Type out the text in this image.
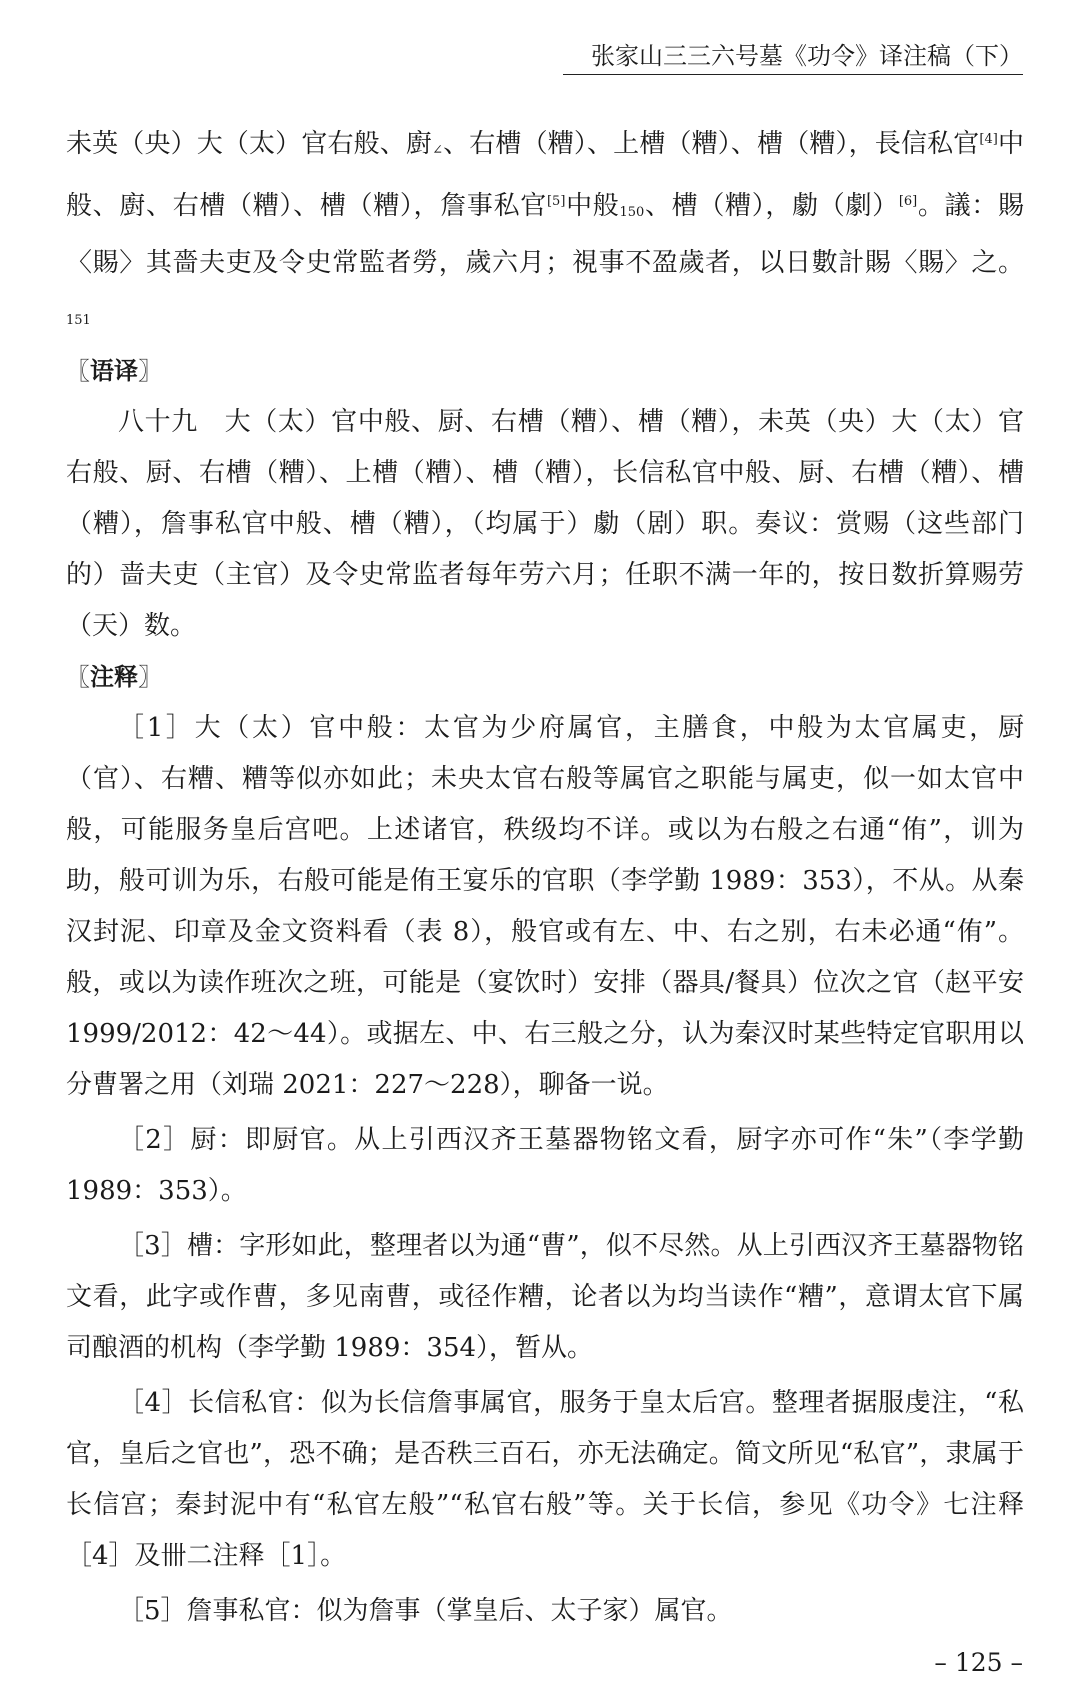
张家山三三六号墓《功令》译注稿（下）

未英（央）大（太）官右般、廚$_\angle$、右槽（糟）、上槽（糟）、槽（糟），長信私官[4]中般、廚、右槽（糟）、槽（糟），詹事私官[5]中般$_{150}$、槽（糟），勮（劇）[6]。議：賜〈賜〉其嗇夫吏及令史常監者勞，歲六月；視事不盈歲者，以日數計賜〈賜〉之。$_{151}$

〖语译〗

八十九　大（太）官中般、厨、右槽（糟）、槽（糟），未英（央）大（太）官右般、厨、右槽（糟）、上槽（糟）、槽（糟），长信私官中般、厨、右槽（糟）、槽（糟），詹事私官中般、槽（糟），（均属于）勮（剧）职。奏议：赏赐（这些部门的）啬夫吏（主官）及令史常监者每年劳六月；任职不满一年的，按日数折算赐劳（天）数。

〖注释〗

［1］大（太）官中般：太官为少府属官，主膳食，中般为太官属吏，厨（官）、右糟、糟等似亦如此；未央太官右般等属官之职能与属吏，似一如太官中般，可能服务皇后宫吧。上述诸官，秩级均不详。或以为右般之右通“侑”，训为助，般可训为乐，右般可能是侑王宴乐的官职（李学勤 1989：353），不从。从秦汉封泥、印章及金文资料看（表 8），般官或有左、中、右之别，右未必通“侑”。般，或以为读作班次之班，可能是（宴饮时）安排（器具/餐具）位次之官（赵平安 1999/2012：42～44）。或据左、中、右三般之分，认为秦汉时某些特定官职用以分曹署之用（刘瑞 2021：227～228），聊备一说。

［2］厨：即厨官。从上引西汉齐王墓器物铭文看，厨字亦可作“朱”（李学勤 1989：353）。

［3］槽：字形如此，整理者以为通“曹”，似不尽然。从上引西汉齐王墓器物铭文看，此字或作曹，多见南曹，或径作糟，论者以为均当读作“糟”，意谓太官下属司酿酒的机构（李学勤 1989：354），暂从。

［4］长信私官：似为长信詹事属官，服务于皇太后宫。整理者据服虔注，“私官，皇后之官也”，恐不确；是否秩三百石，亦无法确定。简文所见“私官”，隶属于长信宫；秦封泥中有“私官左般”“私官右般”等。关于长信，参见《功令》七注释［4］及卌二注释［1］。

［5］詹事私官：似为詹事（掌皇后、太子家）属官。

– 125 –
